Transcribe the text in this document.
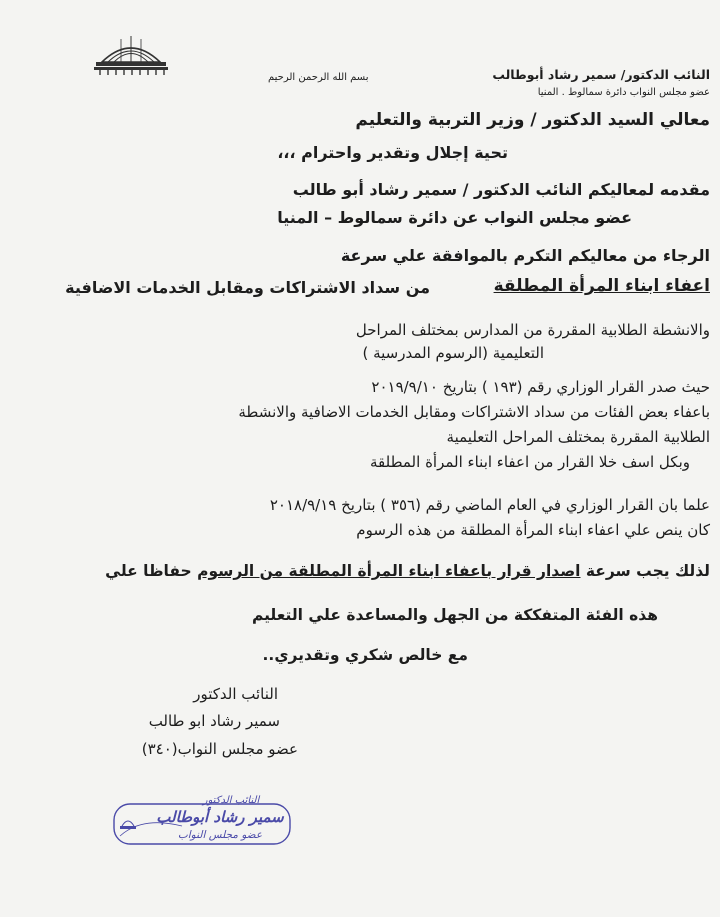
بسم الله الرحمن الرحيم	النائب الدكتور/ سمير رشاد أبوطالب
عضو مجلس النواب دائرة سمالوط . المنيا
معالي السيد الدكتور / وزير التربية والتعليم
تحية إجلال وتقدير واحترام ،،،
مقدمه لمعاليكم النائب الدكتور / سمير رشاد أبو طالب
عضو مجلس النواب عن دائرة سمالوط – المنيا
الرجاء من معاليكم التكرم بالموافقة علي سرعة
اعفاء ابناء المرأة المطلقة
من سداد الاشتراكات ومقابل الخدمات الاضافية
والانشطة الطلابية المقررة من المدارس بمختلف المراحل
التعليمية (الرسوم المدرسية )
حيث صدر القرار الوزاري رقم (١٩٣ ) بتاريخ ٢٠١٩/٩/١٠
باعفاء بعض الفئات من سداد الاشتراكات ومقابل الخدمات الاضافية والانشطة
الطلابية المقررة بمختلف المراحل التعليمية
وبكل اسف خلا القرار من اعفاء ابناء المرأة المطلقة
علما بان القرار الوزاري في العام الماضي رقم (٣٥٦ ) بتاريخ ٢٠١٨/٩/١٩
كان ينص علي اعفاء ابناء المرأة المطلقة من هذه الرسوم
لذلك يجب سرعة اصدار قرار باعفاء ابناء المرأة المطلقة من الرسوم حفاظا علي
هذه الفئة المتفككة من الجهل والمساعدة علي التعليم
مع خالص شكري وتقديري..
النائب الدكتور
سمير رشاد ابو طالب
عضو مجلس النواب(٣٤٠)
النائب الدكتور
سمير رشاد أبوطالب
عضو مجلس النواب
